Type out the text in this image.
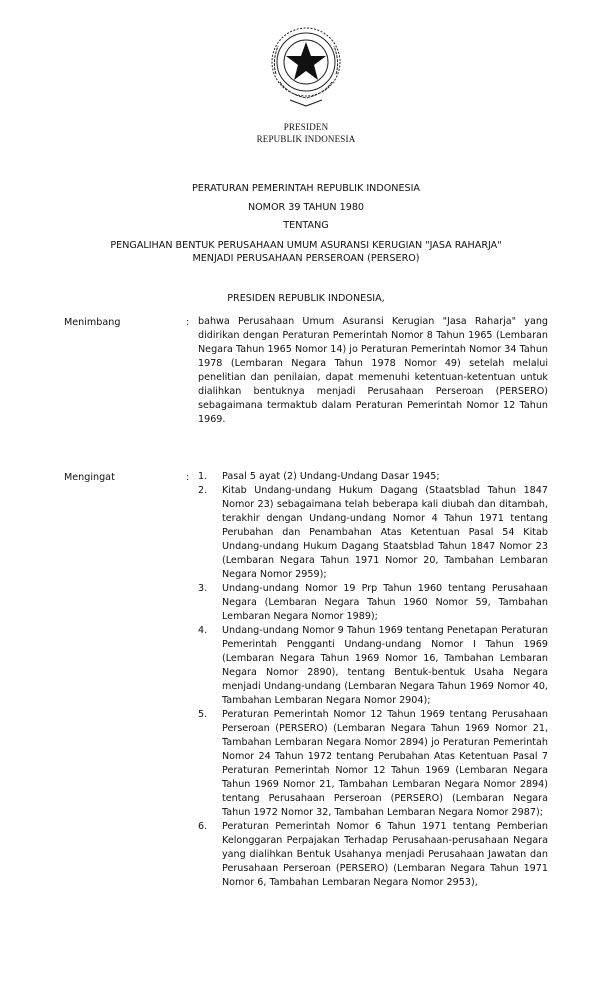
PRESIDEN
REPUBLIK INDONESIA
PERATURAN PEMERINTAH REPUBLIK INDONESIA
NOMOR 39 TAHUN 1980
TENTANG
PENGALIHAN BENTUK PERUSAHAAN UMUM ASURANSI KERUGIAN "JASA RAHARJA"
MENJADI PERUSAHAAN PERSEROAN (PERSERO)
PRESIDEN REPUBLIK INDONESIA,
Menimbang	: bahwa Perusahaan Umum Asuransi Kerugian "Jasa Raharja" yang didirikan dengan Peraturan Pemerintah Nomor 8 Tahun 1965 (Lembaran Negara Tahun 1965 Nomor 14) jo Peraturan Pemerintah Nomor 34 Tahun 1978 (Lembaran Negara Tahun 1978 Nomor 49) setelah melalui penelitian dan penilaian, dapat memenuhi ketentuan-ketentuan untuk dialihkan bentuknya menjadi Perusahaan Perseroan (PERSERO) sebagaimana termaktub dalam Peraturan Pemerintah Nomor 12 Tahun 1969.
Mengingat	: 1.	Pasal 5 ayat (2) Undang-Undang Dasar 1945;
2.	Kitab Undang-undang Hukum Dagang (Staatsblad Tahun 1847 Nomor 23) sebagaimana telah beberapa kali diubah dan ditambah, terakhir dengan Undang-undang Nomor 4 Tahun 1971 tentang Perubahan dan Penambahan Atas Ketentuan Pasal 54 Kitab Undang-undang Hukum Dagang Staatsblad Tahun 1847 Nomor 23 (Lembaran Negara Tahun 1971 Nomor 20, Tambahan Lembaran Negara Nomor 2959);
3.	Undang-undang Nomor 19 Prp Tahun 1960 tentang Perusahaan Negara (Lembaran Negara Tahun 1960 Nomor 59, Tambahan Lembaran Negara Nomor 1989);
4.	Undang-undang Nomor 9 Tahun 1969 tentang Penetapan Peraturan Pemerintah Pengganti Undang-undang Nomor I Tahun 1969 (Lembaran Negara Tahun 1969 Nomor 16, Tambahan Lembaran Negara Nomor 2890), tentang Bentuk-bentuk Usaha Negara menjadi Undang-undang (Lembaran Negara Tahun 1969 Nomor 40, Tambahan Lembaran Negara Nomor 2904);
5.	Peraturan Pemerintah Nomor 12 Tahun 1969 tentang Perusahaan Perseroan (PERSERO) (Lembaran Negara Tahun 1969 Nomor 21, Tambahan Lembaran Negara Nomor 2894) jo Peraturan Pemerintah Nomor 24 Tahun 1972 tentang Perubahan Atas Ketentuan Pasal 7 Peraturan Pemerintah Nomor 12 Tahun 1969 (Lembaran Negara Tahun 1969 Nomor 21, Tambahan Lembaran Negara Nomor 2894) tentang Perusahaan Perseroan (PERSERO) (Lembaran Negara Tahun 1972 Nomor 32, Tambahan Lembaran Negara Nomor 2987);
6.	Peraturan Pemerintah Nomor 6 Tahun 1971 tentang Pemberian Kelonggaran Perpajakan Terhadap Perusahaan-perusahaan Negara yang dialihkan Bentuk Usahanya menjadi Perusahaan Jawatan dan Perusahaan Perseroan (PERSERO) (Lembaran Negara Tahun 1971 Nomor 6, Tambahan Lembaran Negara Nomor 2953),
